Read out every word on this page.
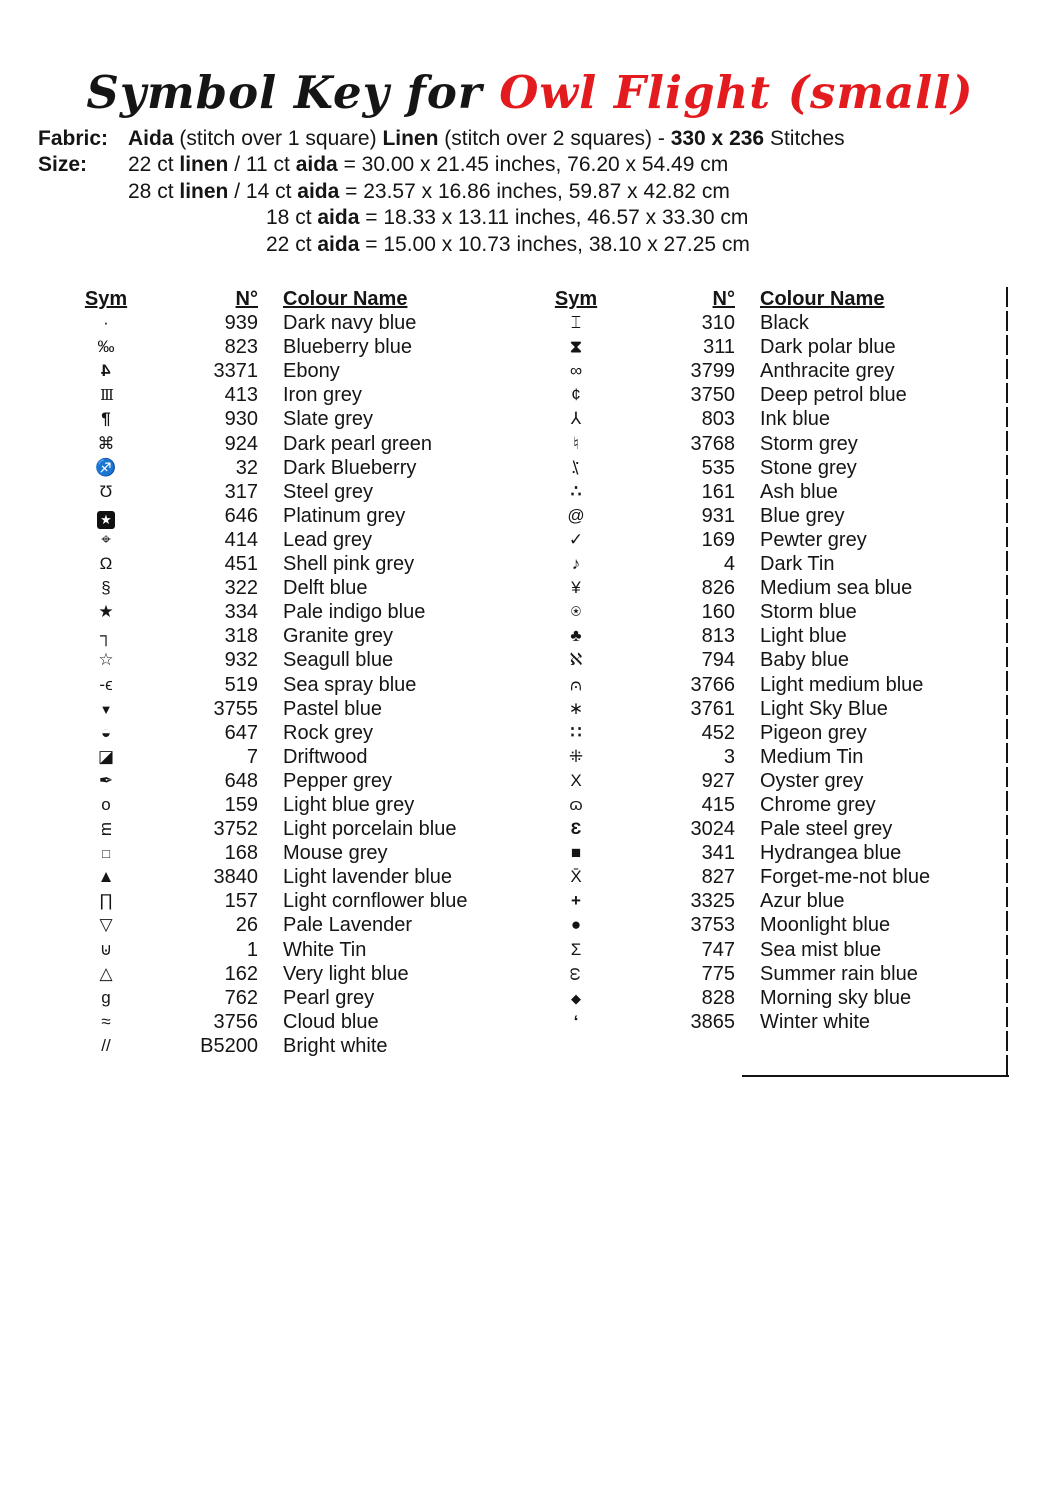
Symbol Key for Owl Flight (small)
Fabric: Aida (stitch over 1 square) Linen (stitch over 2 squares) - 330 x 236 Stitches
Size:	22 ct linen / 11 ct aida = 30.00 x 21.45 inches, 76.20 x 54.49 cm
28 ct linen / 14 ct aida = 23.57 x 16.86 inches, 59.87 x 42.82 cm
18 ct aida = 18.33 x 13.11 inches, 46.57 x 33.30 cm
22 ct aida = 15.00 x 10.73 inches, 38.10 x 27.25 cm
Sym	N°	Colour Name
·	939	Dark navy blue
‰	823	Blueberry blue
4	3371	Ebony
III	413	Iron grey
¶	930	Slate grey
⌘	924	Dark pearl green
♐	32	Dark Blueberry
Ʊ	317	Steel grey
★	646	Platinum grey
⌖	414	Lead grey
Ω	451	Shell pink grey
§	322	Delft blue
★	334	Pale indigo blue
┐	318	Granite grey
☆	932	Seagull blue
-ϵ	519	Sea spray blue
▼	3755	Pastel blue
◒	647	Rock grey
◪	7	Driftwood
✒	648	Pepper grey
o	159	Light blue grey
m	3752	Light porcelain blue
□	168	Mouse grey
▲	3840	Light lavender blue
∏	157	Light cornflower blue
▽	26	Pale Lavender
⊍	1	White Tin
△	162	Very light blue
g	762	Pearl grey
≈	3756	Cloud blue
//	B5200	Bright white
Sym	N°	Colour Name
⌶	310	Black
⧗	311	Dark polar blue
∞	3799	Anthracite grey
¢	3750	Deep petrol blue
⅄	803	Ink blue
♮	3768	Storm grey
⁒	535	Stone grey
∴	161	Ash blue
@	931	Blue grey
✓	169	Pewter grey
♪	4	Dark Tin
¥	826	Medium sea blue
⍟	160	Storm blue
♣	813	Light blue
ℵ	794	Baby blue
⩀	3766	Light medium blue
∗	3761	Light Sky Blue
∷	452	Pigeon grey
⁜	3	Medium Tin
X	927	Oyster grey
ɷ	415	Chrome grey
Ɛ	3024	Pale steel grey
■	341	Hydrangea blue
X̄	827	Forget-me-not blue
+	3325	Azur blue
●	3753	Moonlight blue
Σ	747	Sea mist blue
ω	775	Summer rain blue
◆	828	Morning sky blue
‘	3865	Winter white
